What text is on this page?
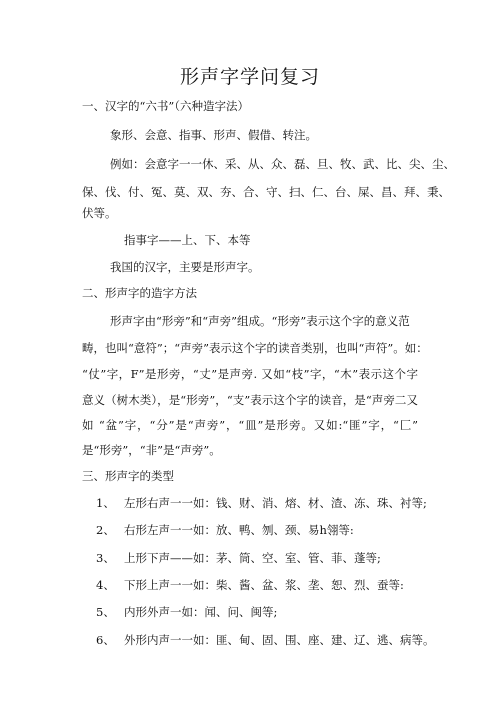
形声字学问复习
一、汉字的“六书”（六种造字法）
象形、会意、指事、形声、假借、转注。
例如：会意字一一休、采、从、众、磊、旦、牧、武、比、尖、尘、
保、伐、付、冤、莫、双、夯、合、守、扫、仁、台、屎、昌、拜、秉、
伏等。
指事字——上、下、本等
我国的汉字，主要是形声字。
二、形声字的造字方法
形声字由“形旁”和“声旁”组成。“形旁”表示这个字的意义范
畴，也叫“意符”；“声旁”表示这个字的读音类别，也叫“声符”。如：
“仗”字，F”是形旁，“丈”是声旁. 又如“枝”字，“木”表示这个字
意义（树木类），是“形旁”，“支”表示这个字的读音，是“声旁二又
如 “盆”字，“分”是“声旁”，“皿”是形旁。又如:“匪”字，“匚”
是“形旁”，“非”是“声旁”。
三、形声字的类型
1、 左形右声一一如：钱、财、消、熔、材、渣、冻、珠、衬等;
2、 右形左声一一如：放、鸭、刎、颈、易h翎等:
3、 上形下声——如：茅、筒、空、室、管、菲、蓬等;
4、 下形上声一一如：柴、酱、盆、浆、垄、恕、烈、蚕等:
5、 内形外声一如：闻、问、闽等;
6、 外形内声一一如：匪、甸、固、围、座、建、辽、逃、病等。
